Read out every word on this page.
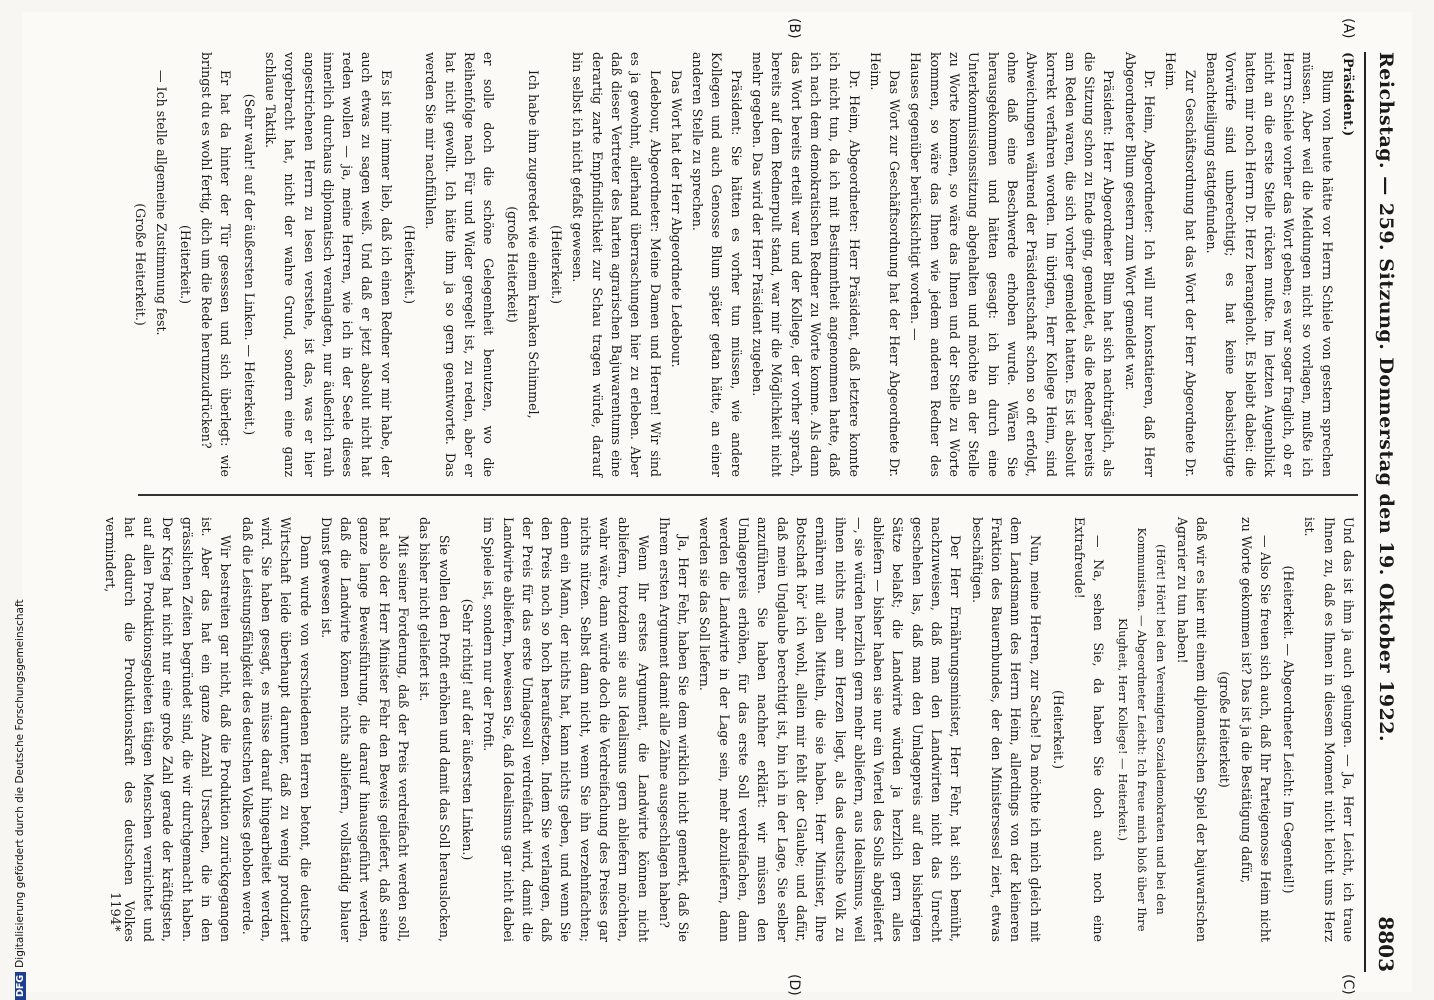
Reichstag. — 259. Sitzung. Donnerstag den 19. Oktober 1922.
8803
(A)
(B)
(C)
(D)

(Präsident.)

Blum von heute hätte vor Herrn Schiele von gestern sprechen müssen. Aber weil die Meldungen nicht so vorlagen, mußte ich Herrn Schiele vorher das Wort geben; es war sogar fraglich, ob er nicht an die erste Stelle rücken mußte. Im letzten Augenblick hatten mir noch Herrn Dr. Herz herangeholt. Es bleibt dabei: die Vorwürfe sind unberechtigt; es hat keine beabsichtigte Benachteiligung stattgefunden.

Zur Geschäftsordnung hat das Wort der Herr Abgeordnete Dr. Heim.

Dr. Heim, Abgeordneter: Ich will nur konstatieren, daß Herr Abgeordneter Blum gestern zum Wort gemeldet war.

Präsident: Herr Abgeordneter Blum hat sich nachträglich, als die Sitzung schon zu Ende ging, gemeldet, als die Redner bereits am Reden waren, die sich vorher gemeldet hatten. Es ist absolut korrekt verfahren worden. Im übrigen, Herr Kollege Heim, sind Abweichungen während der Präsidentschaft schon so oft erfolgt, ohne daß eine Beschwerde erhoben wurde. Wären Sie herausgekommen und hätten gesagt: ich bin durch eine Unterkommissionssitzung abgehalten und möchte an der Stelle zu Worte kommen, so wäre das Ihnen und der Stelle zu Worte kommen, so wäre das Ihnen wie jedem anderen Redner des Hauses gegenüber berücksichtigt worden. —

Das Wort zur Geschäftsordnung hat der Herr Abgeordnete Dr. Heim.

Dr. Heim, Abgeordneter: Herr Präsident, daß letztere konnte ich nicht tun, da ich mit Bestimmtheit angenommen hatte, daß ich nach dem demokratischen Redner zu Worte komme. Als dann das Wort bereits erteilt war und der Kollege, der vorher sprach, bereits auf dem Rednerpult stand, war mir die Möglichkeit nicht mehr gegeben. Das wird der Herr Präsident zugeben.

Präsident: Sie hätten es vorher tun müssen, wie andere Kollegen und auch Genosse Blum später getan hätte, an einer anderen Stelle zu sprechen.

Das Wort hat der Herr Abgeordnete Ledebour.

Ledebour, Abgeordneter: Meine Damen und Herren! Wir sind es ja gewohnt, allerhand überraschungen hier zu erleben. Aber daß dieser Vertreter des harten agrarischen Bajuwarentums eine derartig zarte Empfindlichkeit zur Schau tragen würde, darauf bin selbst ich nicht gefaßt gewesen.

(Heiterkeit.)

Ich habe ihm zugeredet wie einem kranken Schimmel,

(große Heiterkeit)

er solle doch die schöne Gelegenheit benutzen, wo die Reihenfolge nach Für und Wider geregelt ist, zu reden, aber er hat nicht gewollt. Ich hätte ihm ja so gern geantwortet. Das werden Sie mir nachfühlen.

(Heiterkeit.)

Es ist mir immer lieb, daß ich einen Redner vor mir habe, der auch etwas zu sagen weiß. Und daß er jetzt absolut nicht hat reden wollen — ja, meine Herren, wie ich in der Seele dieses innerlich durchaus diplomatisch veranlagten, nur äußerlich rauh angestrichenen Herrn zu lesen verstehe, ist das, was er hier vorgebracht hat, nicht der wahre Grund, sondern eine ganz schlaue Taktik.

(Sehr wahr! auf der äußersten Linken. — Heiterkeit.)

Er hat da hinter der Tür gesessen und sich überlegt: wie bringst du es wohl fertig, dich um die Rede herumzudrücken?

(Heiterkeit.)

— Ich stelle allgemeine Zustimmung fest.

(Große Heiterkeit.)

Und das ist ihm ja auch gelungen. — Ja, Herr Leicht, ich traue Ihnen zu, daß es Ihnen in diesem Moment nicht leicht ums Herz ist.

(Heiterkeit. — Abgeordneter Leicht: Im Gegenteil!)

— Also Sie freuen sich auch, daß Ihr Parteigenosse Heim nicht zu Worte gekommen ist? Das ist ja die Bestätigung dafür,

(große Heiterkeit)

daß wir es hier mit einem diplomatischen Spiel der bajuwarischen Agrarier zu tun haben!

(Hört! Hört! bei den Vereinigten Sozialdemokraten und bei den Kommunisten. — Abgeordneter Leicht: Ich freue mich bloß über Ihre Klugheit, Herr Kollege! — Heiterkeit.)

— Na, sehen Sie, da haben Sie doch auch noch eine Extrafreude!

(Heiterkeit.)

Nun, meine Herren, zur Sache! Da möchte ich mich gleich mit dem Landsmann des Herrn Heim, allerdings von der kleineren Fraktion des Bauernbundes, der den Ministersessel ziert, etwas beschäftigen.

Der Herr Ernährungsminister, Herr Fehr, hat sich bemüht, nachzuweisen, daß man den Landwirten nicht das Unrecht geschehen las, daß man den Umlagepreis auf den bisherigen Sätze belaßt; die Landwirte würden ja herzlich gern alles abliefern — bisher haben sie nur ein Viertel des Solls abgeliefert —, sie würden herzlich gern mehr abliefern, aus Idealismus, weil ihnen nichts mehr am Herzen liegt, als das deutsche Volk zu ernähren mit allen Mitteln, die sie haben. Herr Minister, Ihre Botschaft hör' ich wohl, allein mir fehlt der Glaube; und dafür, daß mein Unglaube berechtigt ist, bin ich in der Lage, Sie selber anzuführen. Sie haben nachher erklärt: wir müssen den Umlagepreis erhöhen, für das erste Soll verdreifachen, dann werden die Landwirte in der Lage sein, mehr abzuliefern, dann werden sie das Soll liefern.

Ja, Herr Fehr, haben Sie dem wirklich nicht gemerkt, daß Sie Ihrem ersten Argument damit alle Zähne ausgeschlagen haben?

Wenn Ihr erstes Argument, die Landwirte können nicht abliefern, trotzdem sie aus Idealismus gern abliefern möchten, wahr wäre, dann würde doch die Verdreifachung des Preises gar nichts nützen. Selbst dann nicht, wenn Sie ihn verzehnfachten; denn ein Mann, der nichts hat, kann nichts geben, und wenn Sie den Preis noch so hoch heraufsetzen. Indem Sie verlangen, daß der Preis für das erste Umlagesoll verdreifacht wird, damit die Landwirte abliefern, beweisen Sie, daß Idealismus gar nicht dabei im Spiele ist, sondern nur der Profit.

(Sehr richtig! auf der äußersten Linken.)

Sie wollen den Profit erhöhen und damit das Soll herauslocken, das bisher nicht geliefert ist.

Mit seiner Forderung, daß der Preis verdreifacht werden soll, hat also der Herr Minister Fehr den Beweis geliefert, daß seine ganze lange Beweisführung, die darauf hinausgeführt werden, daß die Landwirte können nichts abliefern, vollständig blauer Dunst gewesen ist.

Dann wurde von verschiedenen Herren betont, die deutsche Wirtschaft leide überhaupt darunter, daß zu wenig produziert wird. Sie haben gesagt, es müsse darauf hingearbeitet werden, daß die Leistungsfähigkeit des deutschen Volkes gehoben werde.

Wir bestreiten gar nicht, daß die Produktion zurückgegangen ist. Aber das hat ein ganze Anzahl Ursachen, die in den grässlichen Zeiten begründet sind, die wir durchgemacht haben. Der Krieg hat nicht nur eine große Zahl gerade der kräftigsten, auf allen Produktionsgebieten tätigen Menschen vernichtet und hat dadurch die Produktionskraft des deutschen Volkes vermindert,

1194*
DFGDigitalisierung gefördert durch die Deutsche Forschungsgemeinschaft
